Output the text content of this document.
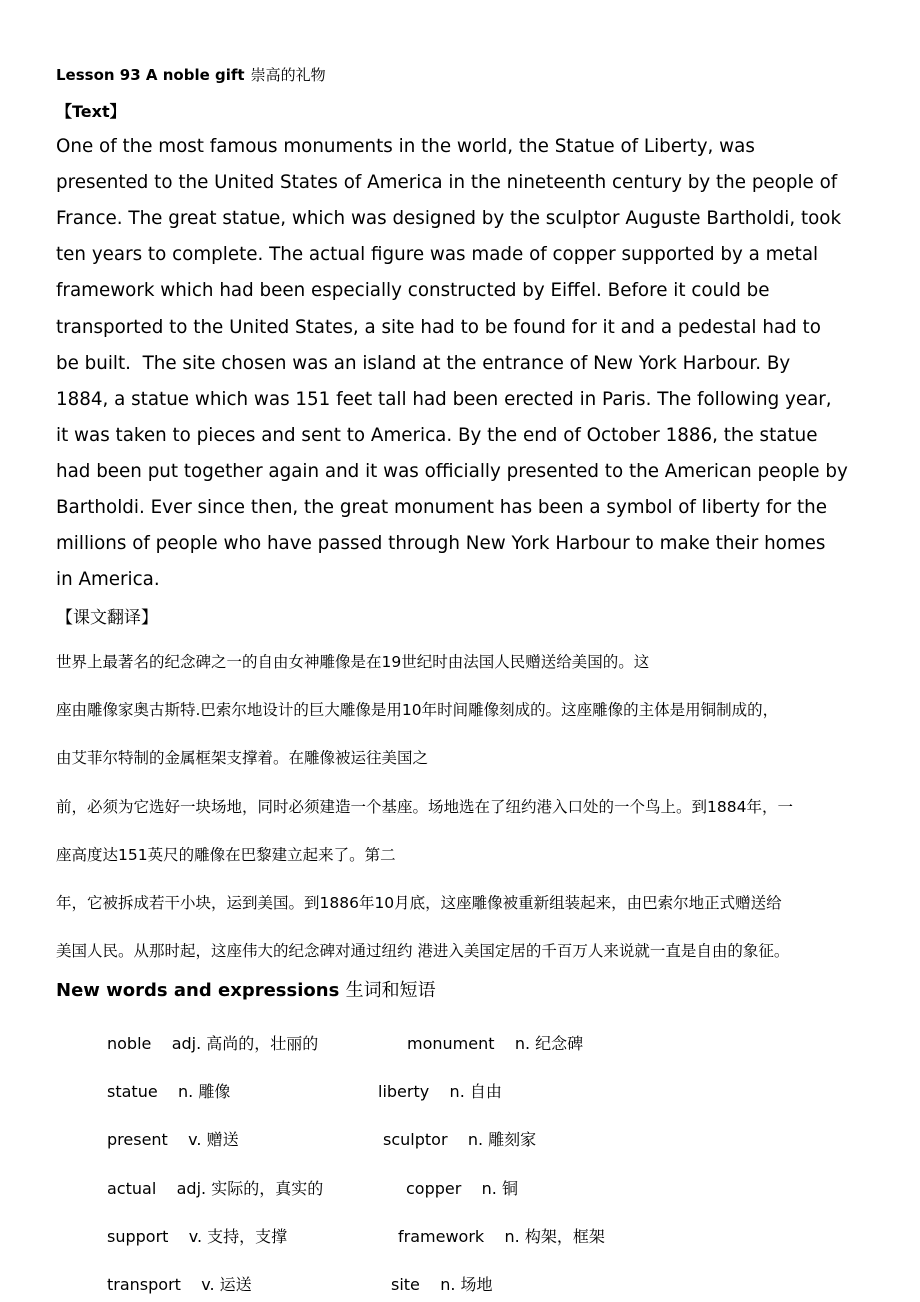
Lesson 93 A noble gift 崇高的礼物
【Text】
One of the most famous monuments in the world, the Statue of Liberty, was
presented to the United States of America in the nineteenth century by the people of
France. The great statue, which was designed by the sculptor Auguste Bartholdi, took
ten years to complete. The actual figure was made of copper supported by a metal
framework which had been especially constructed by Eiffel. Before it could be
transported to the United States, a site had to be found for it and a pedestal had to
be built.  The site chosen was an island at the entrance of New York Harbour. By
1884, a statue which was 151 feet tall had been erected in Paris. The following year,
it was taken to pieces and sent to America. By the end of October 1886, the statue
had been put together again and it was officially presented to the American people by
Bartholdi. Ever since then, the great monument has been a symbol of liberty for the
millions of people who have passed through New York Harbour to make their homes
in America.
【课文翻译】
世界上最著名的纪念碑之一的自由女神雕像是在19世纪时由法国人民赠送给美国的。这
座由雕像家奥古斯特.巴索尔地设计的巨大雕像是用10年时间雕像刻成的。这座雕像的主体是用铜制成的，
由艾菲尔特制的金属框架支撑着。在雕像被运往美国之
前，必须为它选好一块场地，同时必须建造一个基座。场地选在了纽约港入口处的一个鸟上。到1884年，一
座高度达151英尺的雕像在巴黎建立起来了。第二
年，它被拆成若干小块，运到美国。到1886年10月底，这座雕像被重新组装起来，由巴索尔地正式赠送给
美国人民。从那时起，这座伟大的纪念碑对通过纽约 港进入美国定居的千百万人来说就一直是自由的象征。
New words and expressions 生词和短语
noble    adj. 高尚的，壮丽的	monument    n. 纪念碑
statue    n. 雕像	liberty    n. 自由
present    v. 赠送	sculptor    n. 雕刻家
actual    adj. 实际的，真实的	copper    n. 铜
support    v. 支持，支撑	framework    n. 构架，框架
transport    v. 运送	site    n. 场地
